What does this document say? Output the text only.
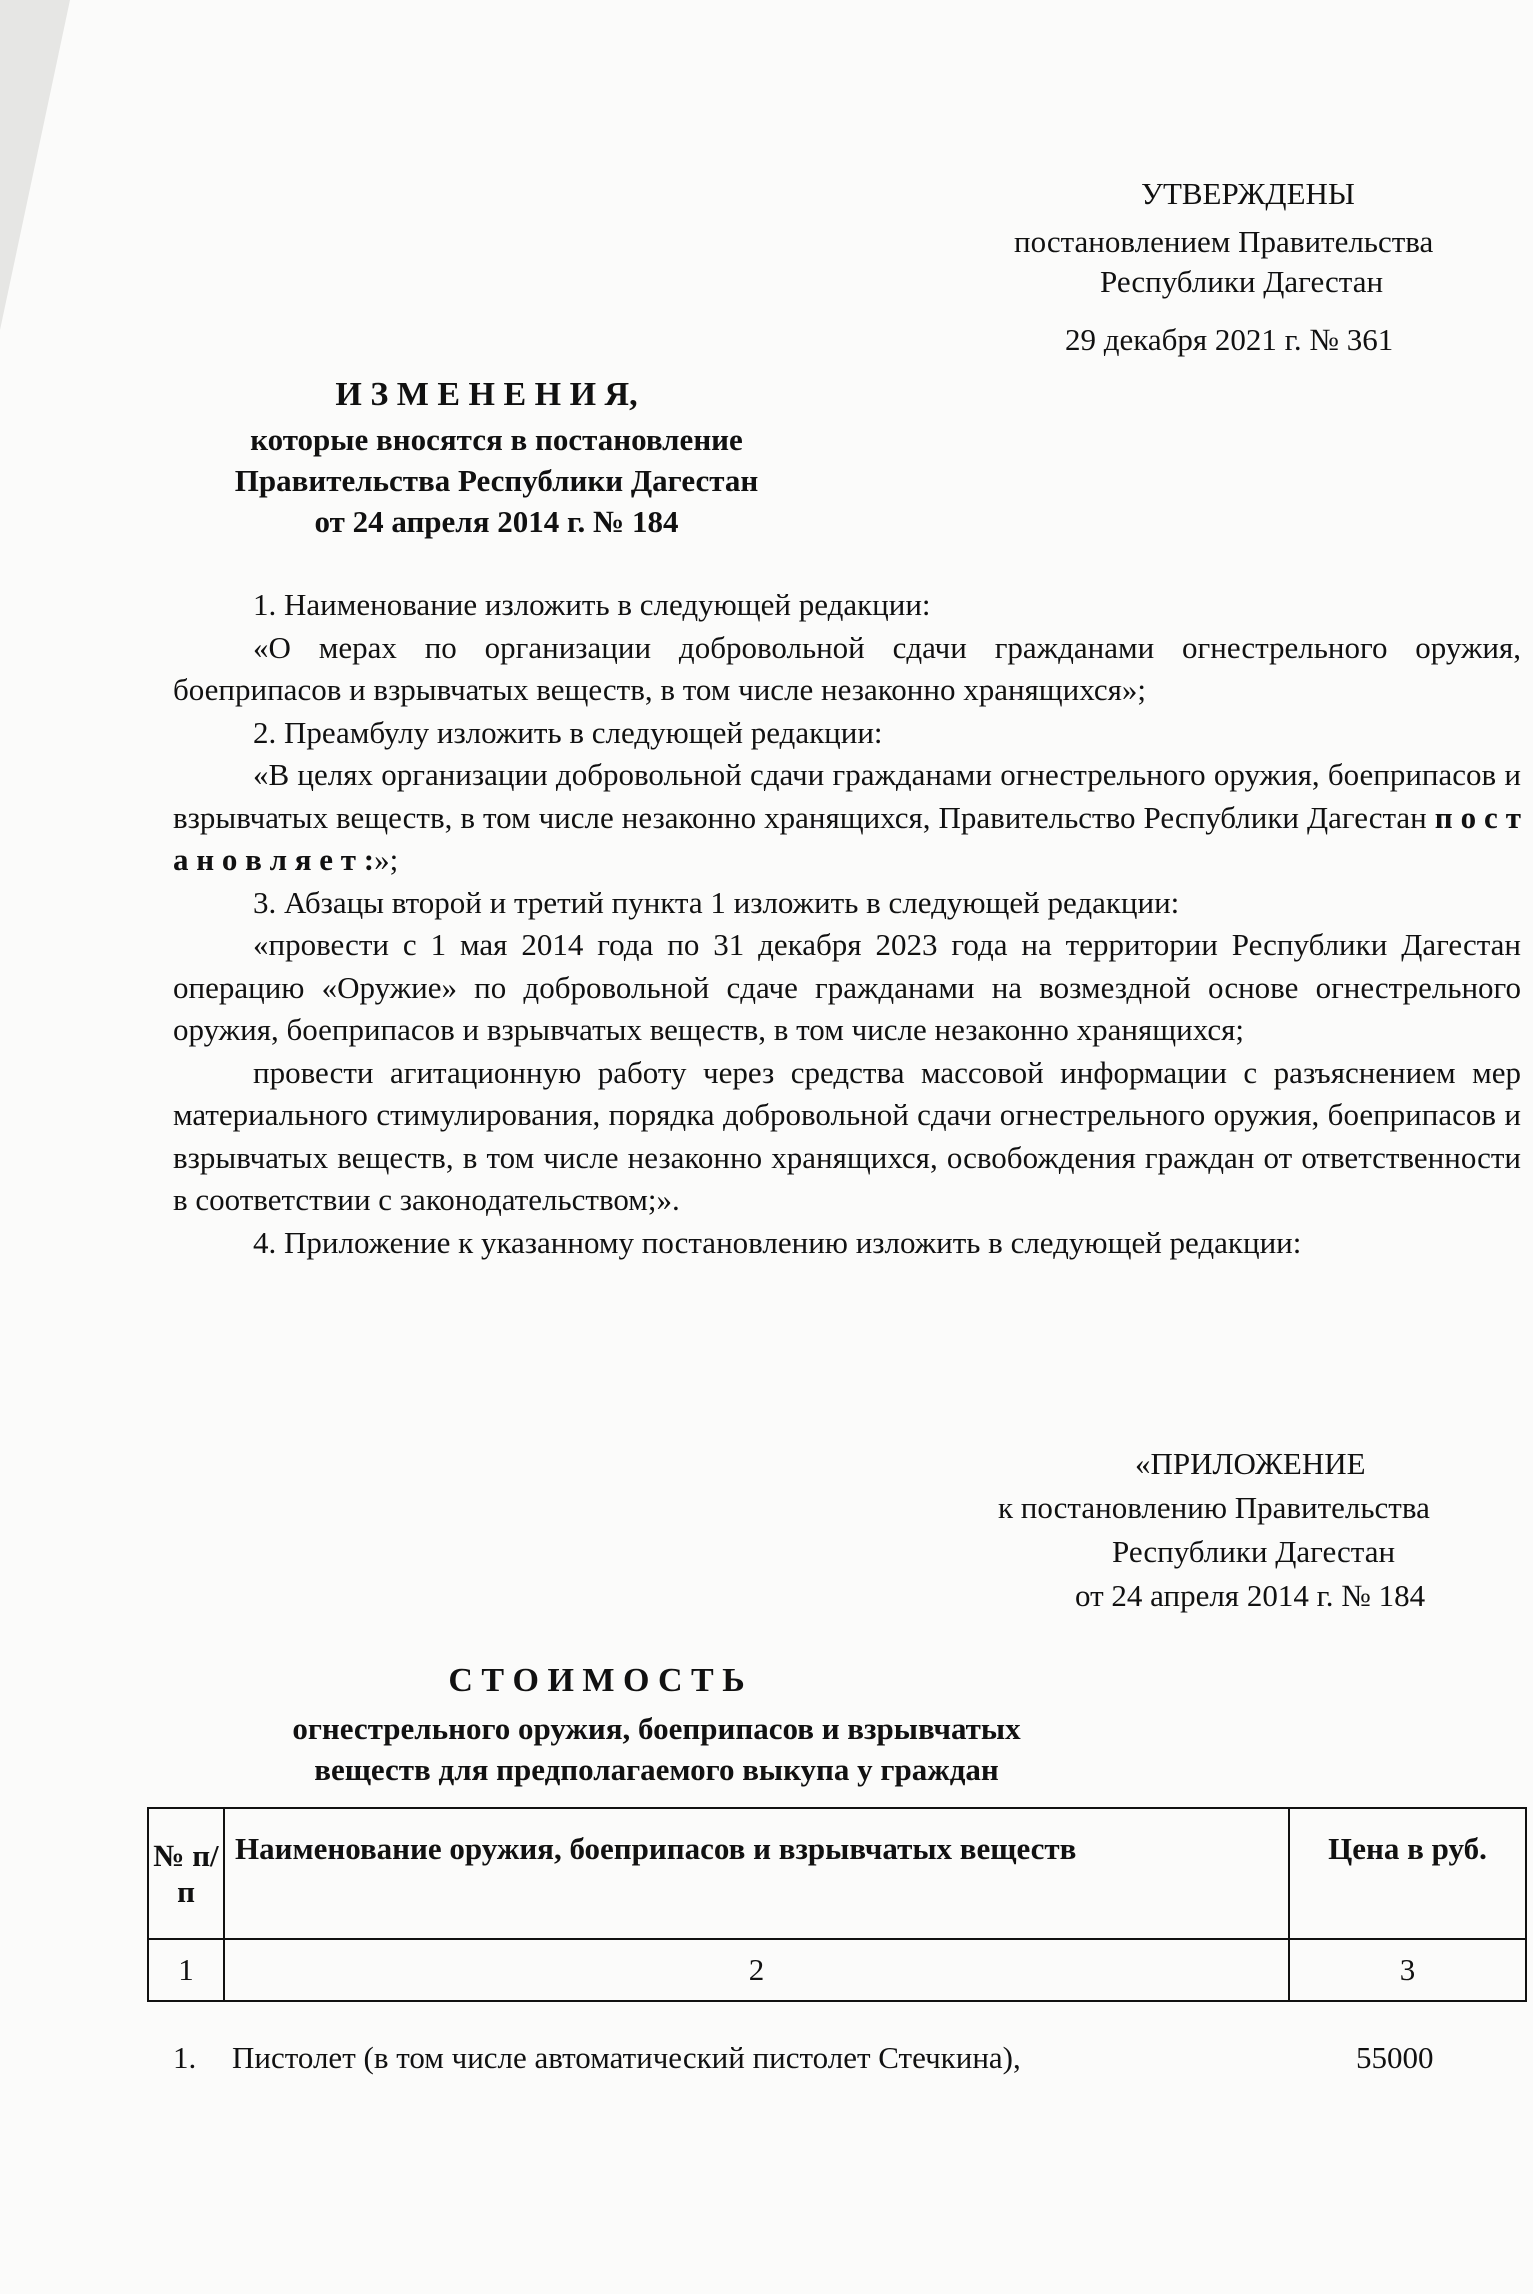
УТВЕРЖДЕНЫ
постановлением Правительства
Республики Дагестан
29 декабря 2021 г. № 361
И З М Е Н Е Н И Я,
которые вносятся в постановление
Правительства Республики Дагестан
от 24 апреля 2014 г. № 184

1. Наименование изложить в следующей редакции:

«О мерах по организации добровольной сдачи гражданами огнестрельного оружия, боеприпасов и взрывчатых веществ, в том числе незаконно хранящихся»;

2. Преамбулу изложить в следующей редакции:

«В целях организации добровольной сдачи гражданами огнестрельного оружия, боеприпасов и взрывчатых веществ, в том числе незаконно хранящихся, Правительство Республики Дагестан п о с т а н о в л я е т :»;

3. Абзацы второй и третий пункта 1 изложить в следующей редакции:

«провести с 1 мая 2014 года по 31 декабря 2023 года на территории Республики Дагестан операцию «Оружие» по добровольной сдаче гражданами на возмездной основе огнестрельного оружия, боеприпасов и взрывчатых веществ, в том числе незаконно хранящихся;

провести агитационную работу через средства массовой информации с разъяснением мер материального стимулирования, порядка добровольной сдачи огнестрельного оружия, боеприпасов и взрывчатых веществ, в том числе незаконно хранящихся, освобождения граждан от ответственности в соответствии с законодательством;».

4. Приложение к указанному постановлению изложить в следующей редакции:

«ПРИЛОЖЕНИЕ
к постановлению Правительства
Республики Дагестан
от 24 апреля 2014 г. № 184
С Т О И М О С Т Ь
огнестрельного оружия, боеприпасов и взрывчатых
веществ для предполагаемого выкупа у граждан
№ п/п	Наименование оружия, боеприпасов и взрывчатых веществ	Цена в руб.
1	2	3
1. Пистолет (в том числе автоматический пистолет Стечкина),	55000
